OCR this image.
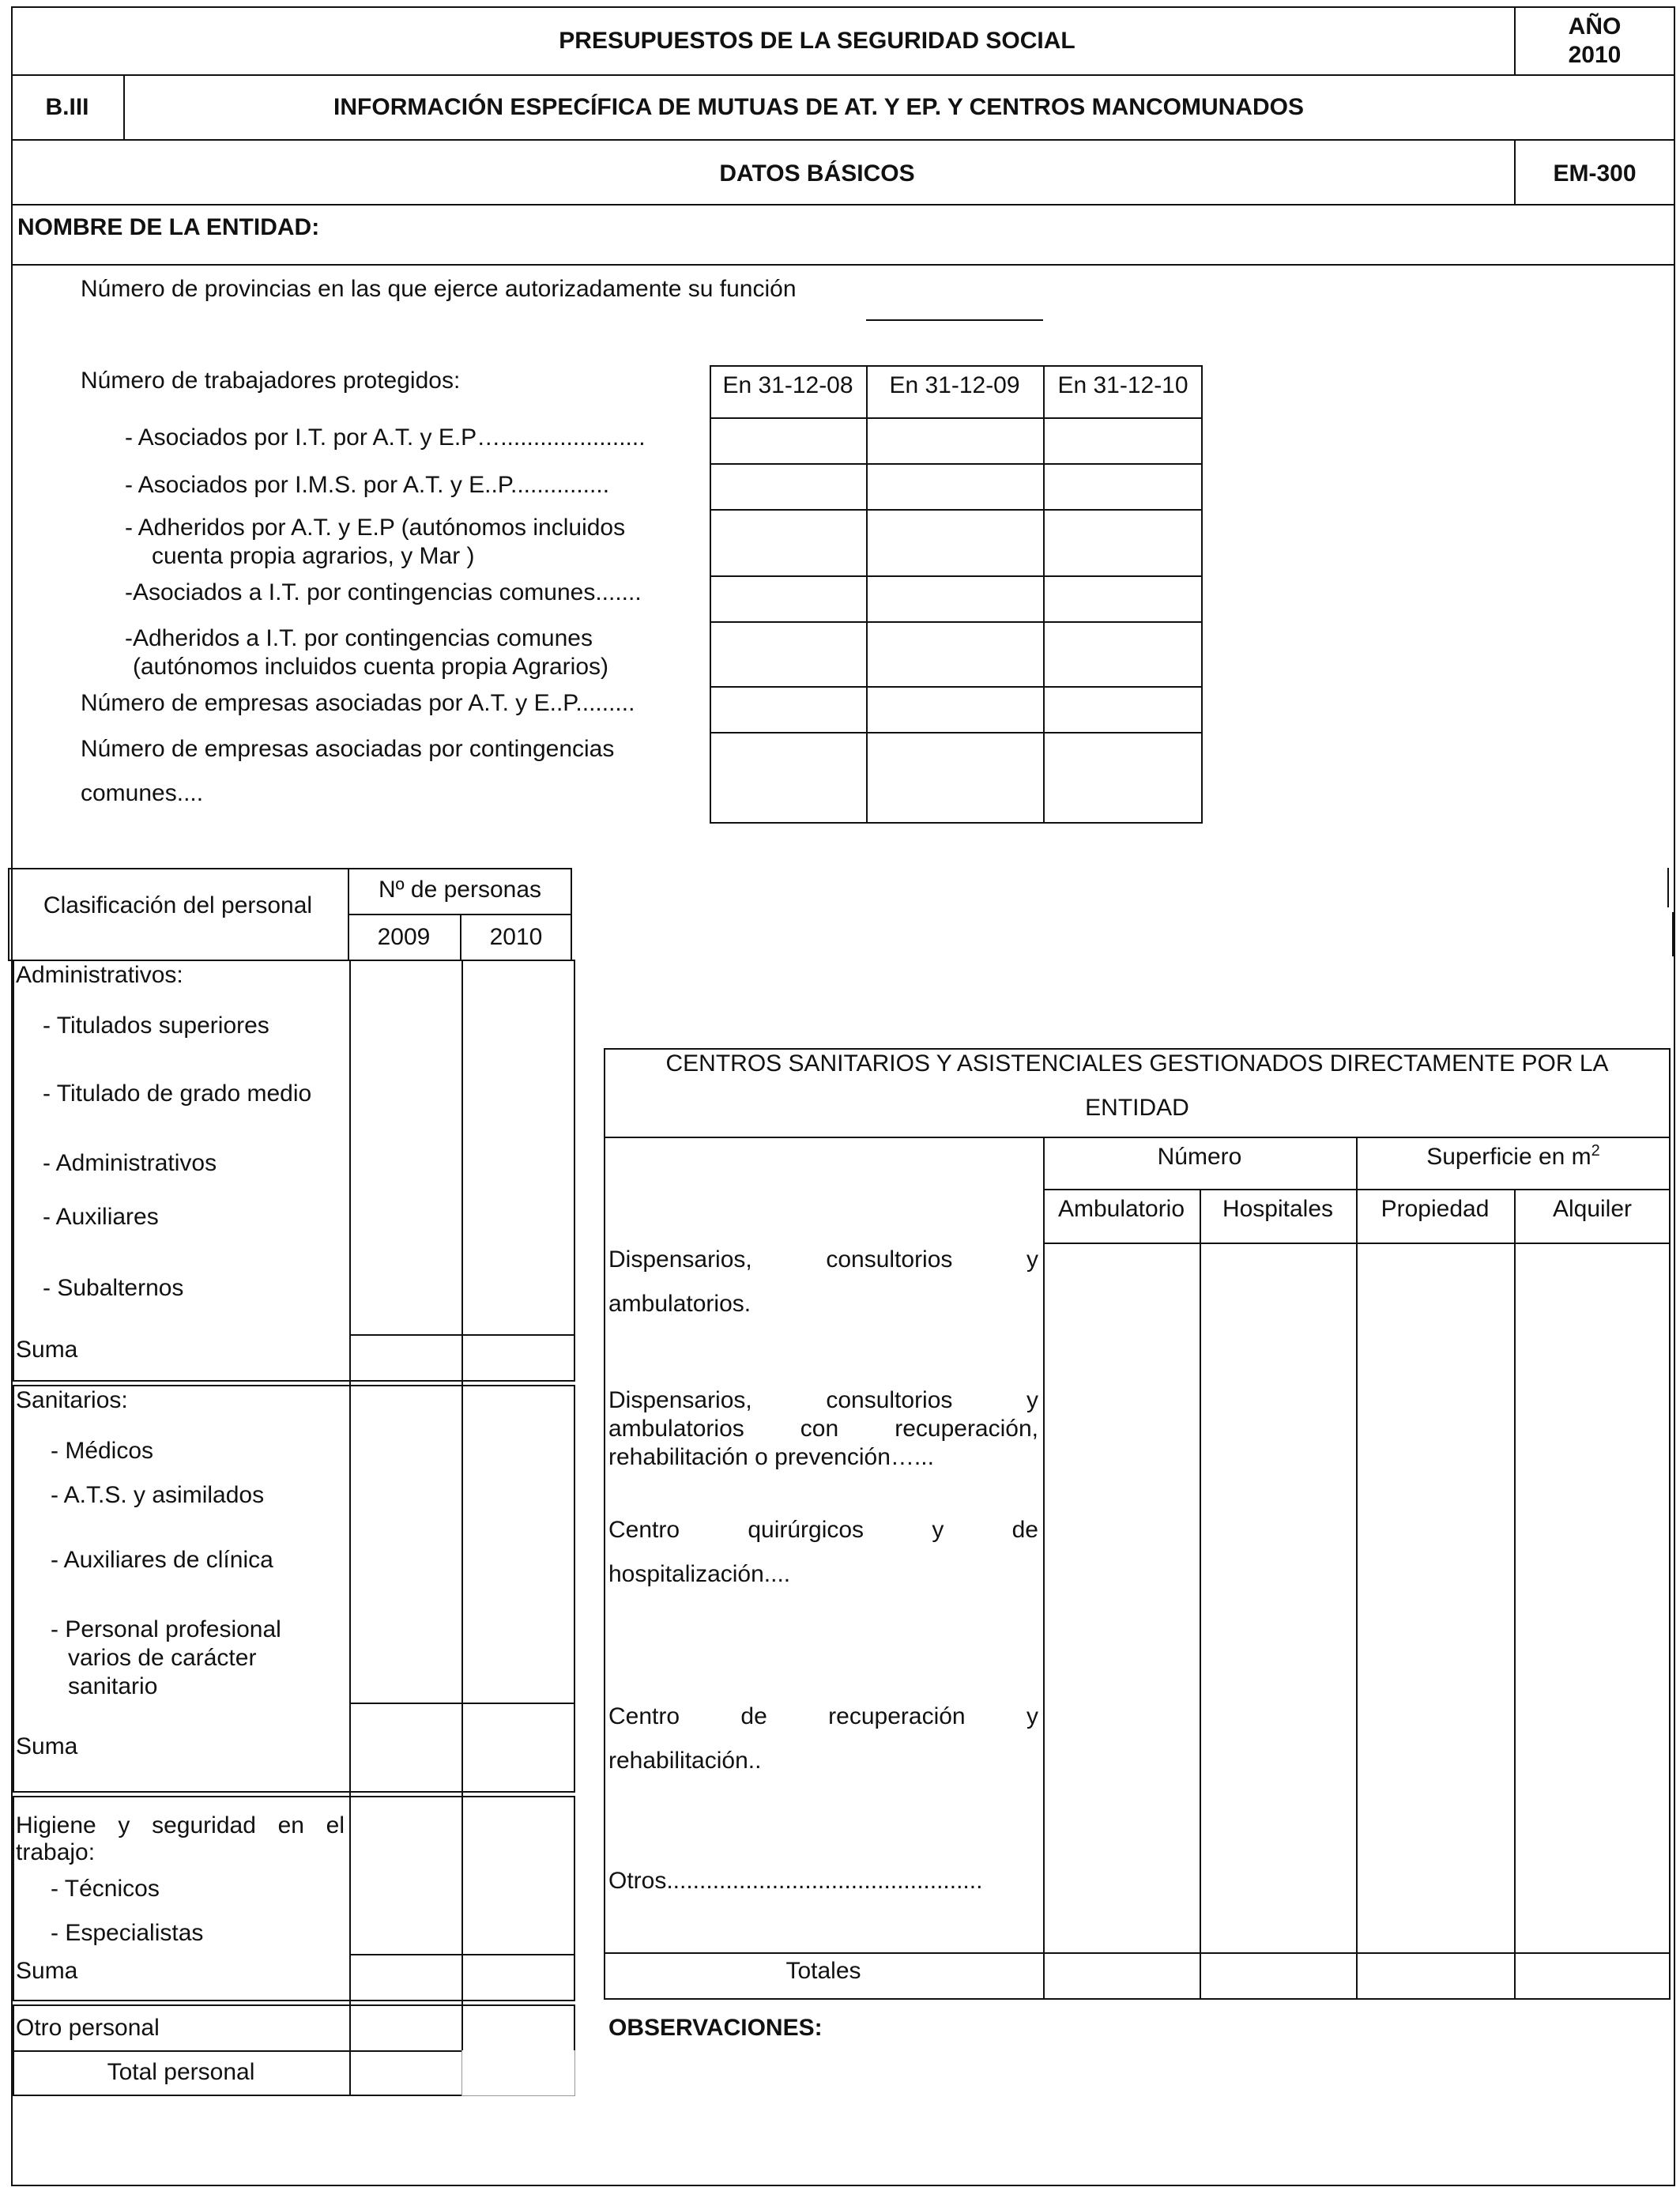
PRESUPUESTOS DE LA SEGURIDAD SOCIAL
AÑO
2010
B.III	INFORMACIÓN ESPECÍFICA DE MUTUAS DE AT. Y EP. Y CENTROS MANCOMUNADOS
DATOS BÁSICOS	EM-300
NOMBRE DE LA ENTIDAD:
Número de provincias en las que ejerce autorizadamente su función
Número de trabajadores protegidos:	En 31-12-08	En 31-12-09	En 31-12-10
- Asociados por I.T. por A.T. y E.P…......................
- Asociados por I.M.S. por A.T. y E..P...............
- Adheridos por A.T. y E.P (autónomos incluidos
cuenta propia agrarios, y Mar )
-Asociados a I.T. por contingencias comunes.......
-Adheridos a I.T. por contingencias comunes
(autónomos incluidos cuenta propia Agrarios)
Número de empresas asociadas por A.T. y E..P.........
Número de empresas asociadas por contingencias
comunes....
Clasificación del personal
Nº de personas
2009	2010
Administrativos:
- Titulados superiores
- Titulado de grado medio
- Administrativos
- Auxiliares
- Subalternos
Suma
Sanitarios:
- Médicos
- A.T.S. y asimilados
- Auxiliares de clínica
- Personal profesional
varios de carácter
sanitario
Suma
Higiene y seguridad en el
trabajo:
- Técnicos
- Especialistas
Suma
Otro personal
Total personal
CENTROS SANITARIOS Y ASISTENCIALES GESTIONADOS DIRECTAMENTE POR LA
ENTIDAD
Número	Superficie en $m^2$
Ambulatorio	Hospitales	Propiedad	Alquiler
Dispensarios, consultorios y
ambulatorios.
Dispensarios, consultorios y
ambulatorios con recuperación,
rehabilitación o prevención…...
Centro quirúrgicos y de
hospitalización....
Centro de recuperación y
rehabilitación..
Otros................................................
Totales
OBSERVACIONES:
